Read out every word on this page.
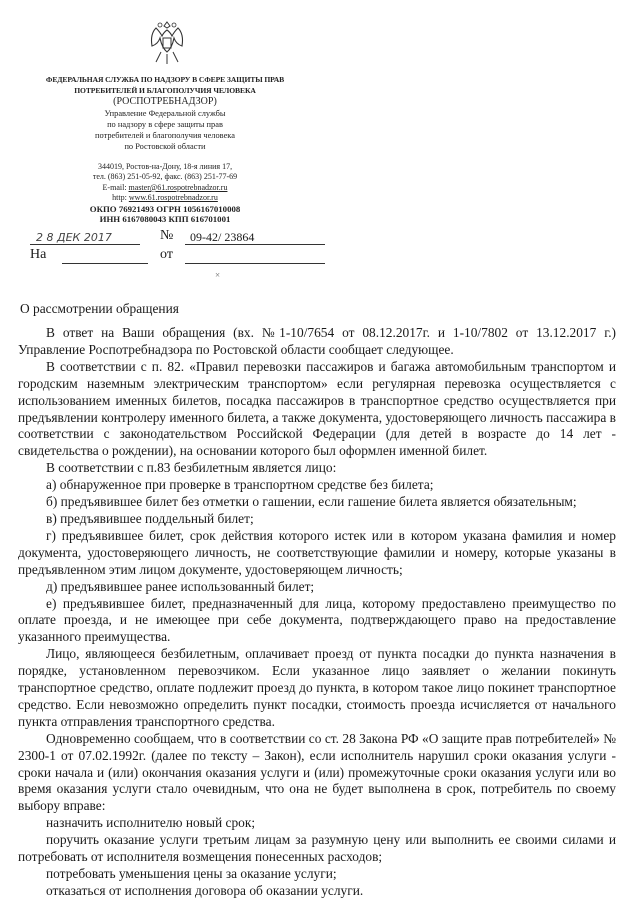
ФЕДЕРАЛЬНАЯ СЛУЖБА ПО НАДЗОРУ В СФЕРЕ ЗАЩИТЫ ПРАВ
ПОТРЕБИТЕЛЕЙ И БЛАГОПОЛУЧИЯ ЧЕЛОВЕКА
(РОСПОТРЕБНАДЗОР)
Управление Федеральной службы
по надзору в сфере защиты прав
потребителей и благополучия человека
по Ростовской области
344019, Ростов-на-Дону, 18-я линия 17,
тел. (863) 251-05-92, факс. (863) 251-77-69
E-mail: master@61.rospotrebnadzor.ru
http: www.61.rospotrebnadzor.ru
ОКПО 76921493 ОГРН 1056167010008
ИНН 6167080043 КПП 616701001
2 8 ДЕК 2017	№ 09-42/ 23864
На	от
×
О рассмотрении обращения

В ответ на Ваши обращения (вх. №1-10/7654 от 08.12.2017г. и 1-10/7802 от 13.12.2017 г.) Управление Роспотребнадзора по Ростовской области сообщает следующее.

В соответствии с п. 82. «Правил перевозки пассажиров и багажа автомобильным транспортом и городским наземным электрическим транспортом» если регулярная перевозка осуществляется с использованием именных билетов, посадка пассажиров в транспортное средство осуществляется при предъявлении контролеру именного билета, а также документа, удостоверяющего личность пассажира в соответствии с законодательством Российской Федерации (для детей в возрасте до 14 лет - свидетельства о рождении), на основании которого был оформлен именной билет.

В соответствии с п.83 безбилетным является лицо:

а) обнаруженное при проверке в транспортном средстве без билета;

б) предъявившее билет без отметки о гашении, если гашение билета является обязательным;

в) предъявившее поддельный билет;

г) предъявившее билет, срок действия которого истек или в котором указана фамилия и номер документа, удостоверяющего личность, не соответствующие фамилии и номеру, которые указаны в предъявленном этим лицом документе, удостоверяющем личность;

д) предъявившее ранее использованный билет;

е) предъявившее билет, предназначенный для лица, которому предоставлено преимущество по оплате проезда, и не имеющее при себе документа, подтверждающего право на предоставление указанного преимущества.

Лицо, являющееся безбилетным, оплачивает проезд от пункта посадки до пункта назначения в порядке, установленном перевозчиком. Если указанное лицо заявляет о желании покинуть транспортное средство, оплате подлежит проезд до пункта, в котором такое лицо покинет транспортное средство. Если невозможно определить пункт посадки, стоимость проезда исчисляется от начального пункта отправления транспортного средства.

Одновременно сообщаем, что в соответствии со ст. 28 Закона РФ «О защите прав потребителей» № 2300-1 от 07.02.1992г. (далее по тексту – Закон), если исполнитель нарушил сроки оказания услуги - сроки начала и (или) окончания оказания услуги и (или) промежуточные сроки оказания услуги или во время оказания услуги стало очевидным, что она не будет выполнена в срок, потребитель по своему выбору вправе:

назначить исполнителю новый срок;

поручить оказание услуги третьим лицам за разумную цену или выполнить ее своими силами и потребовать от исполнителя возмещения понесенных расходов;

потребовать уменьшения цены за оказание услуги;

отказаться от исполнения договора об оказании услуги.
